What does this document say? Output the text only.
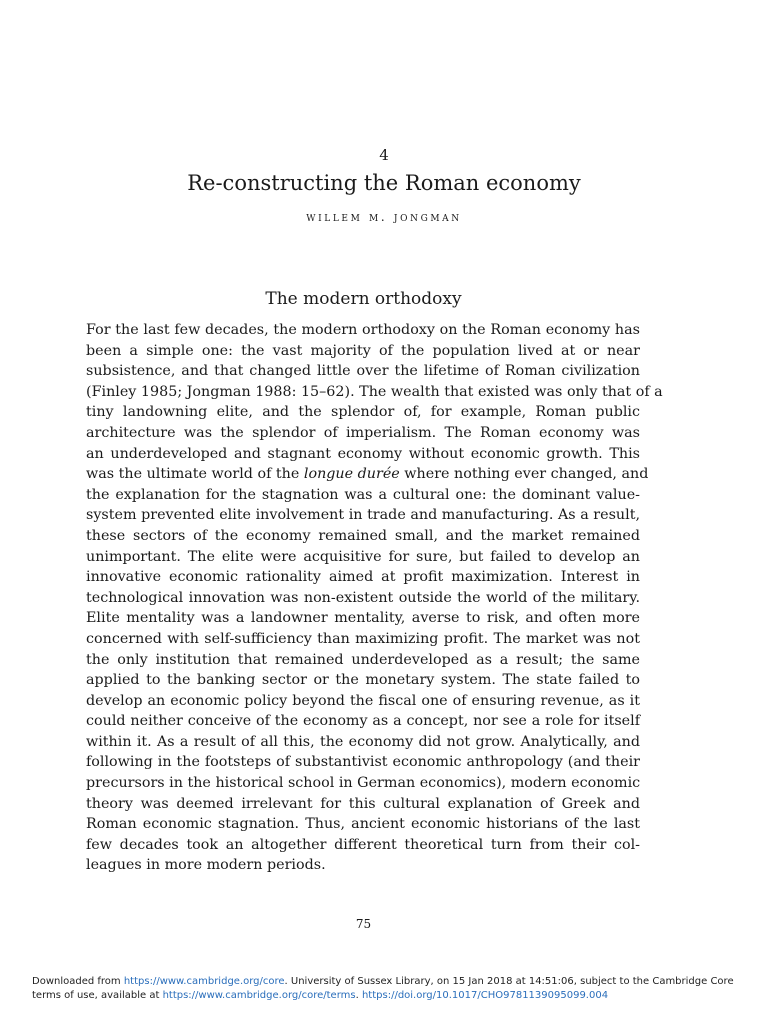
4
Re-constructing the Roman economy
willem m. jongman
The modern orthodoxy
For the last few decades, the modern orthodoxy on the Roman economy has
been a simple one: the vast majority of the population lived at or near
subsistence, and that changed little over the lifetime of Roman civilization
(Finley 1985; Jongman 1988: 15–62). The wealth that existed was only that of a
tiny landowning elite, and the splendor of, for example, Roman public
architecture was the splendor of imperialism. The Roman economy was
an underdeveloped and stagnant economy without economic growth. This
was the ultimate world of the longue durée where nothing ever changed, and
the explanation for the stagnation was a cultural one: the dominant value-
system prevented elite involvement in trade and manufacturing. As a result,
these sectors of the economy remained small, and the market remained
unimportant. The elite were acquisitive for sure, but failed to develop an
innovative economic rationality aimed at profit maximization. Interest in
technological innovation was non-existent outside the world of the military.
Elite mentality was a landowner mentality, averse to risk, and often more
concerned with self-sufficiency than maximizing profit. The market was not
the only institution that remained underdeveloped as a result; the same
applied to the banking sector or the monetary system. The state failed to
develop an economic policy beyond the fiscal one of ensuring revenue, as it
could neither conceive of the economy as a concept, nor see a role for itself
within it. As a result of all this, the economy did not grow. Analytically, and
following in the footsteps of substantivist economic anthropology (and their
precursors in the historical school in German economics), modern economic
theory was deemed irrelevant for this cultural explanation of Greek and
Roman economic stagnation. Thus, ancient economic historians of the last
few decades took an altogether different theoretical turn from their col-
leagues in more modern periods.
75
Downloaded from https://www.cambridge.org/core. University of Sussex Library, on 15 Jan 2018 at 14:51:06, subject to the Cambridge Core
terms of use, available at https://www.cambridge.org/core/terms. https://doi.org/10.1017/CHO9781139095099.004
